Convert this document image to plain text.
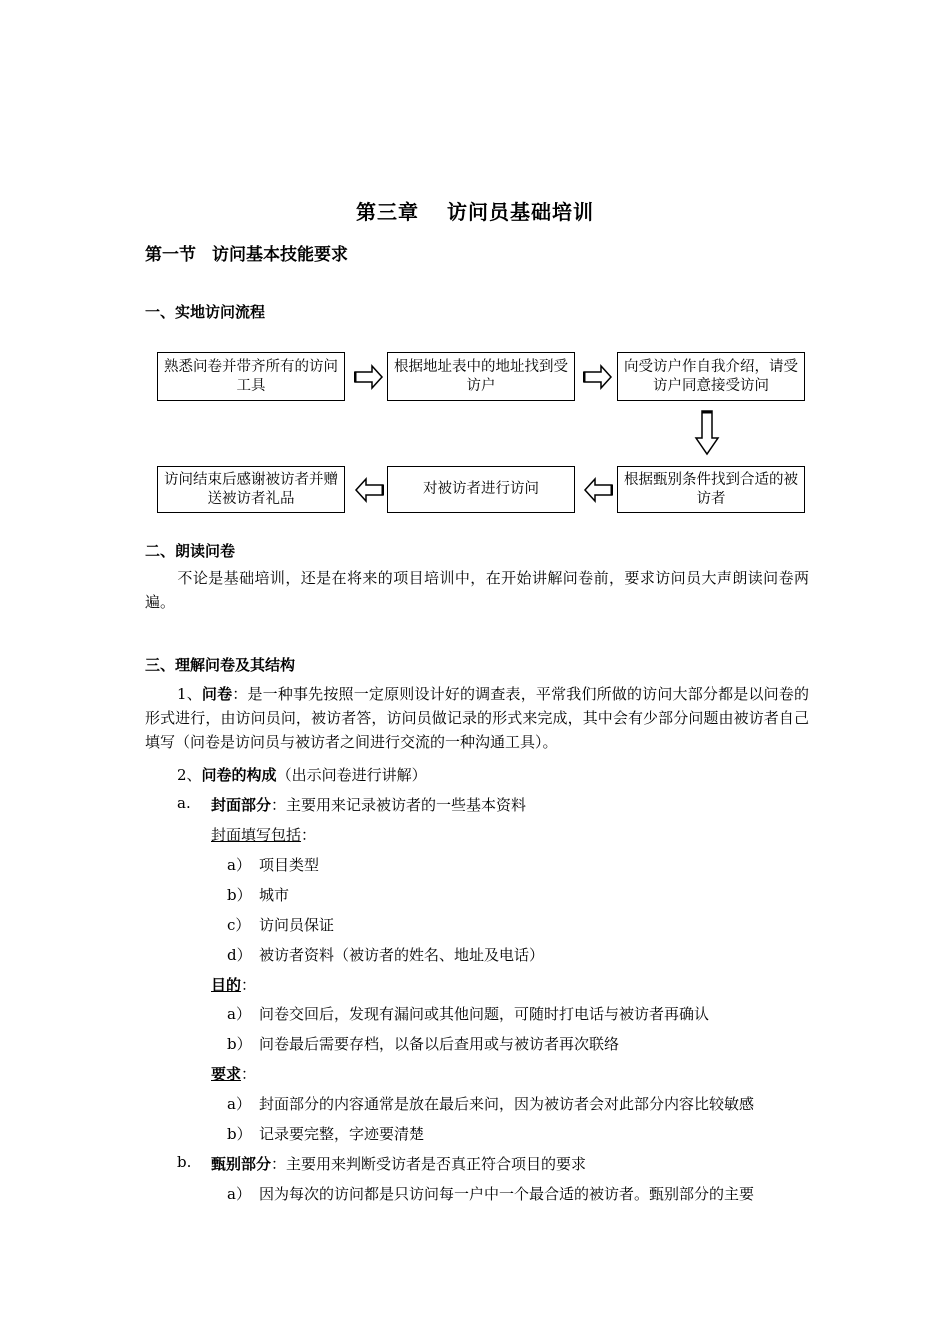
第三章 访问员基础培训
第一节 访问基本技能要求
一、实地访问流程
熟悉问卷并带齐所有的访问工具
根据地址表中的地址找到受访户
向受访户作自我介绍，请受访户同意接受访问
根据甄别条件找到合适的被访者
对被访者进行访问
访问结束后感谢被访者并赠送被访者礼品
二、朗读问卷
不论是基础培训，还是在将来的项目培训中，在开始讲解问卷前，要求访问员大声朗读问卷两遍。
三、理解问卷及其结构
1、问卷：是一种事先按照一定原则设计好的调查表，平常我们所做的访问大部分都是以问卷的形式进行，由访问员问，被访者答，访问员做记录的形式来完成，其中会有少部分问题由被访者自己填写（问卷是访问员与被访者之间进行交流的一种沟通工具）。
2、问卷的构成（出示问卷进行讲解）
a. 封面部分：主要用来记录被访者的一些基本资料
封面填写包括：
a） 项目类型
b） 城市
c） 访问员保证
d） 被访者资料（被访者的姓名、地址及电话）
目的：
a） 问卷交回后，发现有漏问或其他问题，可随时打电话与被访者再确认
b） 问卷最后需要存档，以备以后查用或与被访者再次联络
要求：
a） 封面部分的内容通常是放在最后来问，因为被访者会对此部分内容比较敏感
b） 记录要完整，字迹要清楚
b. 甄别部分：主要用来判断受访者是否真正符合项目的要求
a） 因为每次的访问都是只访问每一户中一个最合适的被访者。甄别部分的主要
